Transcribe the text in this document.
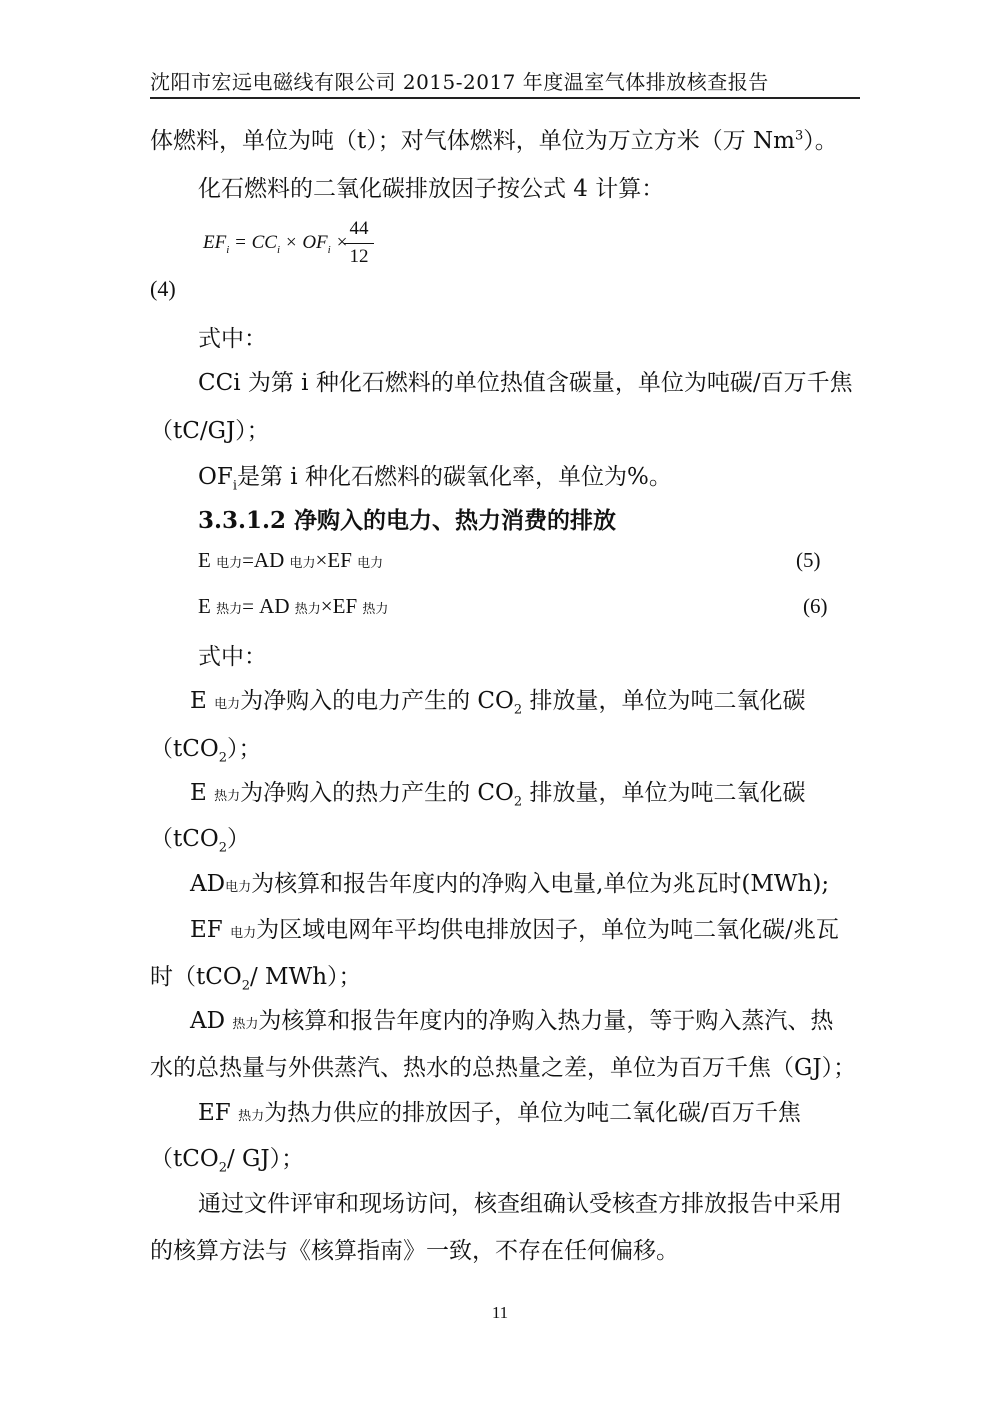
沈阳市宏远电磁线有限公司 2015-2017 年度温室气体排放核查报告
体燃料，单位为吨（t）；对气体燃料，单位为万立方米（万 Nm$^3$）。
化石燃料的二氧化碳排放因子按公式 4 计算：
$EF_i = CC_i \times OF_i$ ×
44
12
(4)
式中：
CCi 为第 i 种化石燃料的单位热值含碳量，单位为吨碳/百万千焦
（tC/GJ）；
$OF_i$是第 i 种化石燃料的碳氧化率，单位为%。
3.3.1.2 净购入的电力、热力消费的排放
E 电力=AD 电力×EF 电力	(5)
E 热力= AD 热力×EF 热力	(6)
式中：
E 电力为净购入的电力产生的 $CO_2$ 排放量，单位为吨二氧化碳
（tCO$_2$）；
E 热力为净购入的热力产生的 $CO_2$ 排放量，单位为吨二氧化碳
（tCO$_2$）
AD电力为核算和报告年度内的净购入电量,单位为兆瓦时(MWh);
EF 电力为区域电网年平均供电排放因子，单位为吨二氧化碳/兆瓦
时（tCO$_2$/ MWh）；
AD 热力为核算和报告年度内的净购入热力量，等于购入蒸汽、热
水的总热量与外供蒸汽、热水的总热量之差，单位为百万千焦（GJ）；
EF 热力为热力供应的排放因子，单位为吨二氧化碳/百万千焦
（tCO$_2$/ GJ）；
通过文件评审和现场访问，核查组确认受核查方排放报告中采用
的核算方法与《核算指南》一致，不存在任何偏移。
11
